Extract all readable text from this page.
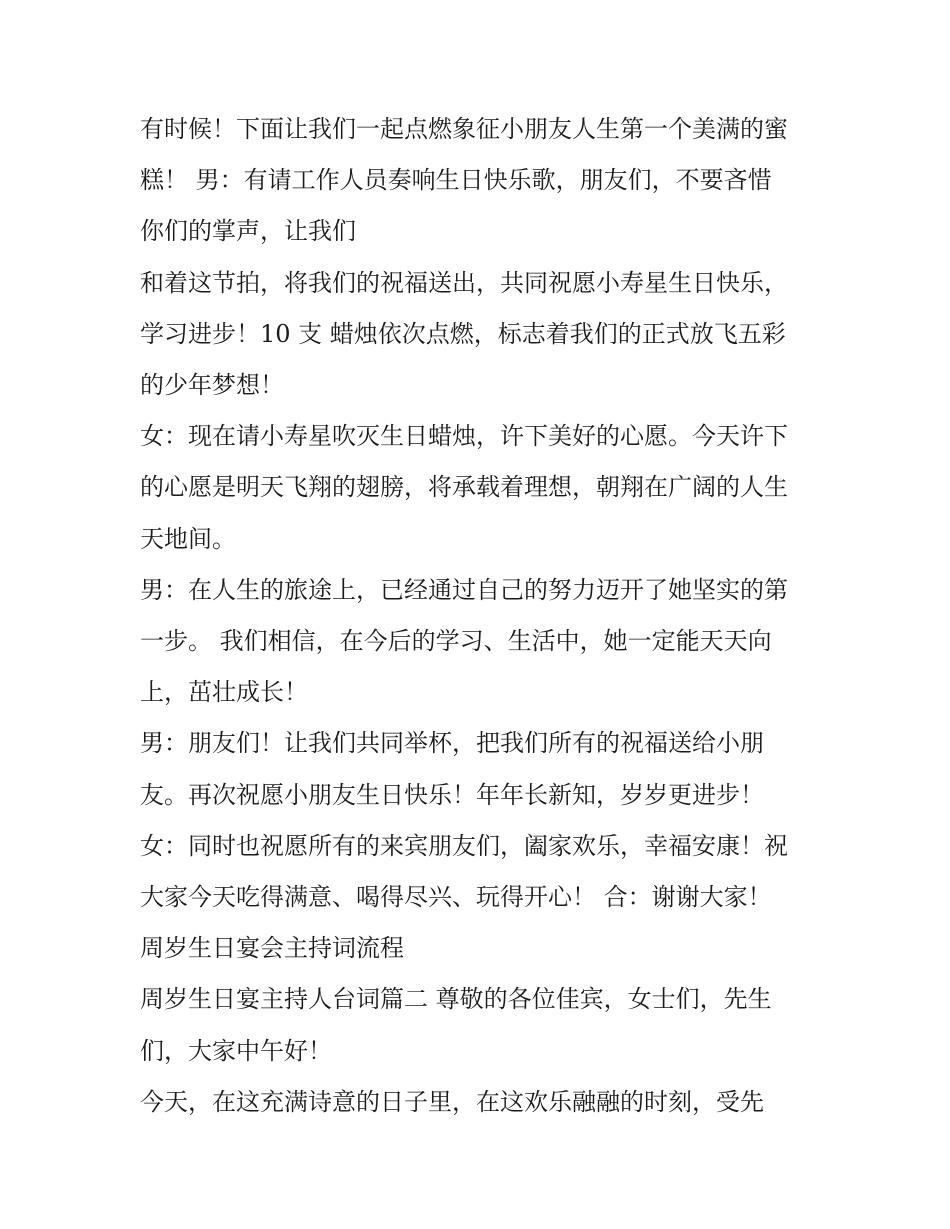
有时候！下面让我们一起点燃象征小朋友人生第一个美满的蜜

糕！ 男：有请工作人员奏响生日快乐歌，朋友们，不要吝惜

你们的掌声，让我们

和着这节拍，将我们的祝福送出，共同祝愿小寿星生日快乐，

学习进步！10 支 蜡烛依次点燃，标志着我们的正式放飞五彩

的少年梦想！

女：现在请小寿星吹灭生日蜡烛，许下美好的心愿。今天许下

的心愿是明天飞翔的翅膀，将承载着理想，朝翔在广阔的人生

天地间。

男：在人生的旅途上，已经通过自己的努力迈开了她坚实的第

一步。 我们相信，在今后的学习、生活中，她一定能天天向

上，茁壮成长！

男：朋友们！让我们共同举杯，把我们所有的祝福送给小朋

友。再次祝愿小朋友生日快乐！年年长新知，岁岁更进步！

女：同时也祝愿所有的来宾朋友们，阖家欢乐，幸福安康！祝

大家今天吃得满意、喝得尽兴、玩得开心！ 合：谢谢大家！

周岁生日宴会主持词流程

周岁生日宴主持人台词篇二 尊敬的各位佳宾，女士们，先生

们，大家中午好！

今天，在这充满诗意的日子里，在这欢乐融融的时刻，受先
